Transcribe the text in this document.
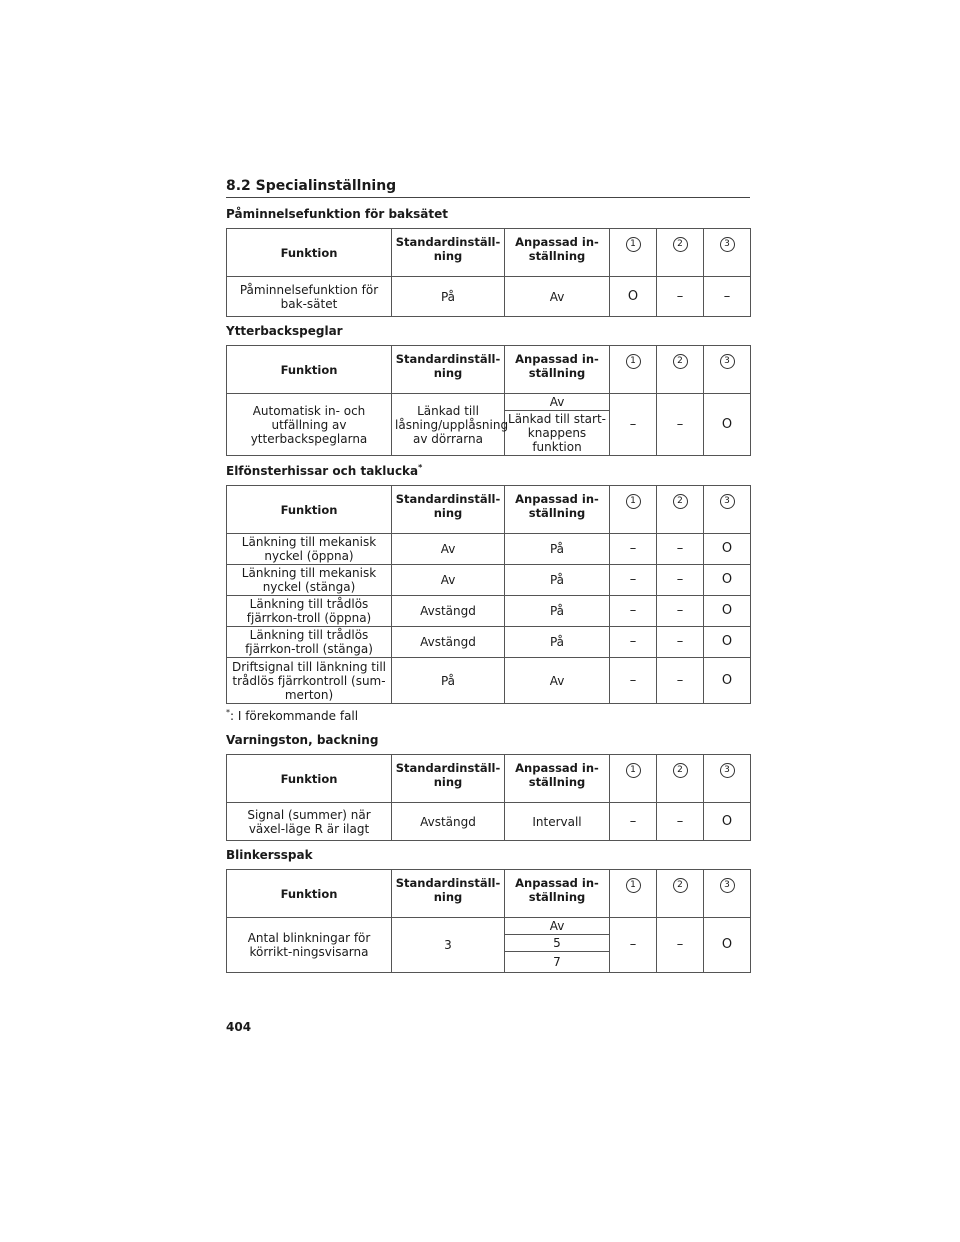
8.2 Specialinställning
Påminnelsefunktion för baksätet
Funktion	Standardinställ-ning	Anpassad in-ställning	1	2	3
Påminnelsefunktion för bak-sätet	På	Av	O	–	–
Ytterbackspeglar
Funktion	Standardinställ-ning	Anpassad in-ställning	1	2	3
Automatisk in- och utfällning av ytterbackspeglarna	Länkad till låsning/upplåsning av dörrarna	Av	–	–	O
		Länkad till start-knappens funktion			
Elfönsterhissar och taklucka*
Funktion	Standardinställ-ning	Anpassad in-ställning	1	2	3
Länkning till mekanisk nyckel (öppna)	Av	På	–	–	O
Länkning till mekanisk nyckel (stänga)	Av	På	–	–	O
Länkning till trådlös fjärrkon-troll (öppna)	Avstängd	På	–	–	O
Länkning till trådlös fjärrkon-troll (stänga)	Avstängd	På	–	–	O
Driftsignal till länkning till trådlös fjärrkontroll (sum-merton)	På	Av	–	–	O
*: I förekommande fall
Varningston, backning
Funktion	Standardinställ-ning	Anpassad in-ställning	1	2	3
Signal (summer) när växel-läge R är ilagt	Avstängd	Intervall	–	–	O
Blinkersspak
Funktion	Standardinställ-ning	Anpassad in-ställning	1	2	3
Antal blinkningar för körrikt-ningsvisarna	3	Av	–	–	O
		5			
		7			
404
